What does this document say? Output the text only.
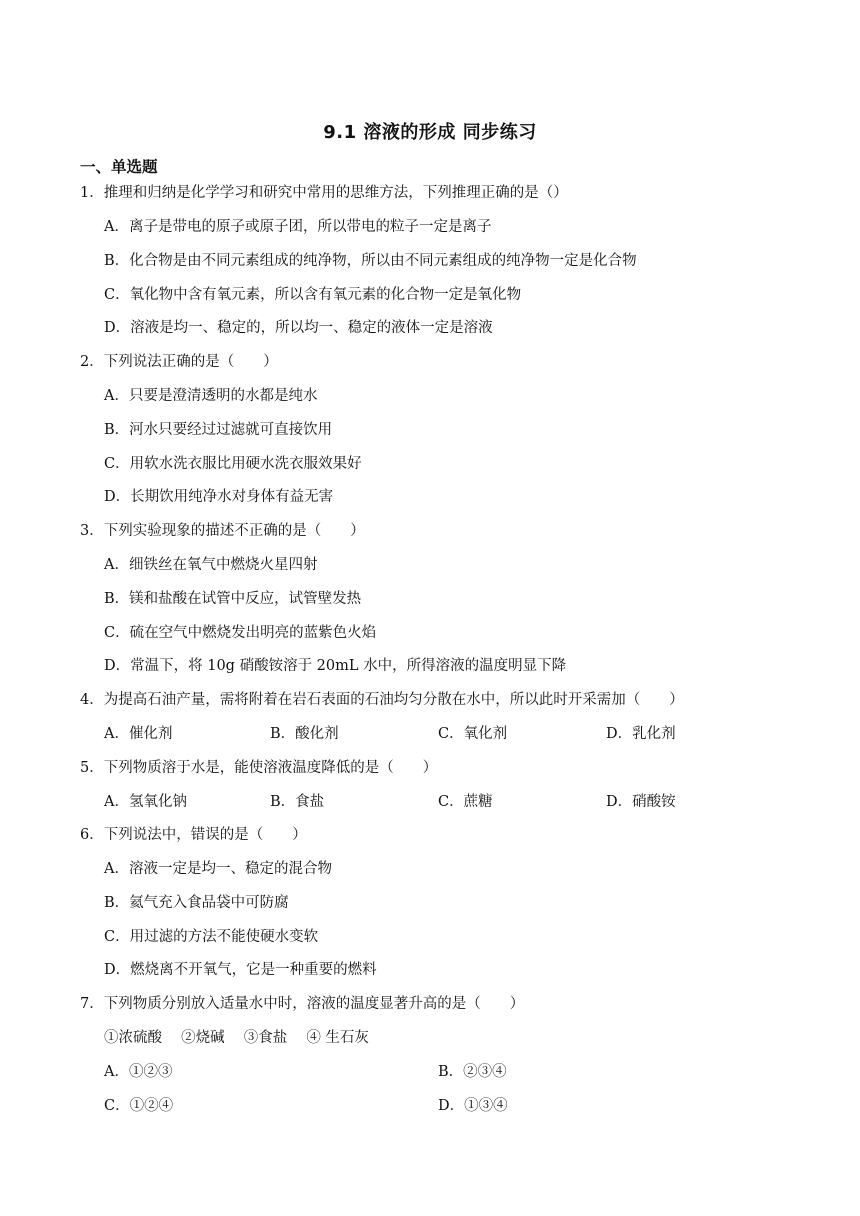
9.1 溶液的形成 同步练习
一、单选题
1．推理和归纳是化学学习和研究中常用的思维方法，下列推理正确的是（）
A．离子是带电的原子或原子团，所以带电的粒子一定是离子
B．化合物是由不同元素组成的纯净物，所以由不同元素组成的纯净物一定是化合物
C．氧化物中含有氧元素，所以含有氧元素的化合物一定是氧化物
D．溶液是均一、稳定的，所以均一、稳定的液体一定是溶液
2．下列说法正确的是（　　）
A．只要是澄清透明的水都是纯水
B．河水只要经过过滤就可直接饮用
C．用软水洗衣服比用硬水洗衣服效果好
D．长期饮用纯净水对身体有益无害
3．下列实验现象的描述不正确的是（　　）
A．细铁丝在氧气中燃烧火星四射
B．镁和盐酸在试管中反应，试管壁发热
C．硫在空气中燃烧发出明亮的蓝紫色火焰
D．常温下，将 10g 硝酸铵溶于 20mL 水中，所得溶液的温度明显下降
4．为提高石油产量，需将附着在岩石表面的石油均匀分散在水中，所以此时开采需加（　　）
A．催化剂	B．酸化剂	C．氧化剂	D．乳化剂
5．下列物质溶于水是，能使溶液温度降低的是（　　）
A．氢氧化钠	B．食盐	C．蔗糖	D．硝酸铵
6．下列说法中，错误的是（　　）
A．溶液一定是均一、稳定的混合物
B．氦气充入食品袋中可防腐
C．用过滤的方法不能使硬水变软
D．燃烧离不开氧气，它是一种重要的燃料
7．下列物质分别放入适量水中时，溶液的温度显著升高的是（　　）
①浓硫酸　 ②烧碱　 ③食盐　 ④ 生石灰
A．①②③	B．②③④
C．①②④	D．①③④
